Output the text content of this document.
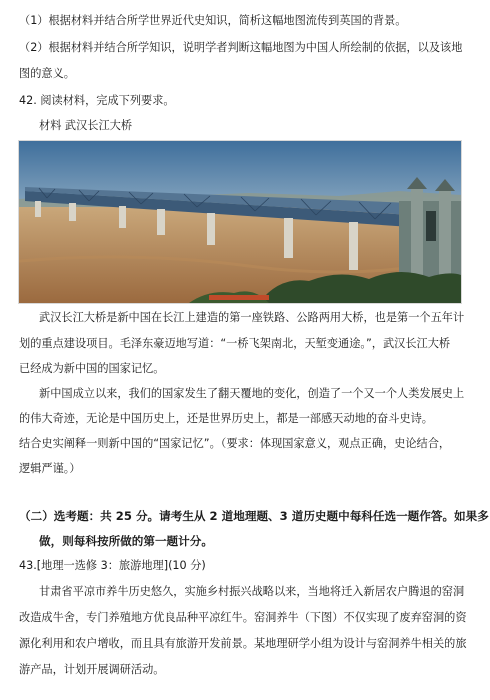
（1）根据材料并结合所学世界近代史知识，简析这幅地图流传到英国的背景。
（2）根据材料并结合所学知识，说明学者判断这幅地图为中国人所绘制的依据，以及该地
图的意义。
42. 阅读材料，完成下列要求。
材料 武汉长江大桥
武汉长江大桥是新中国在长江上建造的第一座铁路、公路两用大桥，也是第一个五年计
划的重点建设项目。毛泽东豪迈地写道：“一桥飞架南北，天堑变通途。”，武汉长江大桥
已经成为新中国的国家记忆。
新中国成立以来，我们的国家发生了翻天覆地的变化，创造了一个又一个人类发展史上
的伟大奇迹，无论是中国历史上，还是世界历史上，都是一部感天动地的奋斗史诗。
结合史实阐释一则新中国的“国家记忆”。（要求：体现国家意义，观点正确，史论结合，
逻辑严谨。）
（二）选考题：共 25 分。请考生从 2 道地理题、3 道历史题中每科任选一题作答。如果多
做，则每科按所做的第一题计分。
43.[地理一选修 3：旅游地理](10 分)
甘肃省平凉市养牛历史悠久，实施乡村振兴战略以来，当地将迁入新居农户腾退的窑洞
改造成牛舍，专门养殖地方优良品种平凉红牛。窑洞养牛（下图）不仅实现了废弃窑洞的资
源化利用和农户增收，而且具有旅游开发前景。某地理研学小组为设计与窑洞养牛相关的旅
游产品，计划开展调研活动。
